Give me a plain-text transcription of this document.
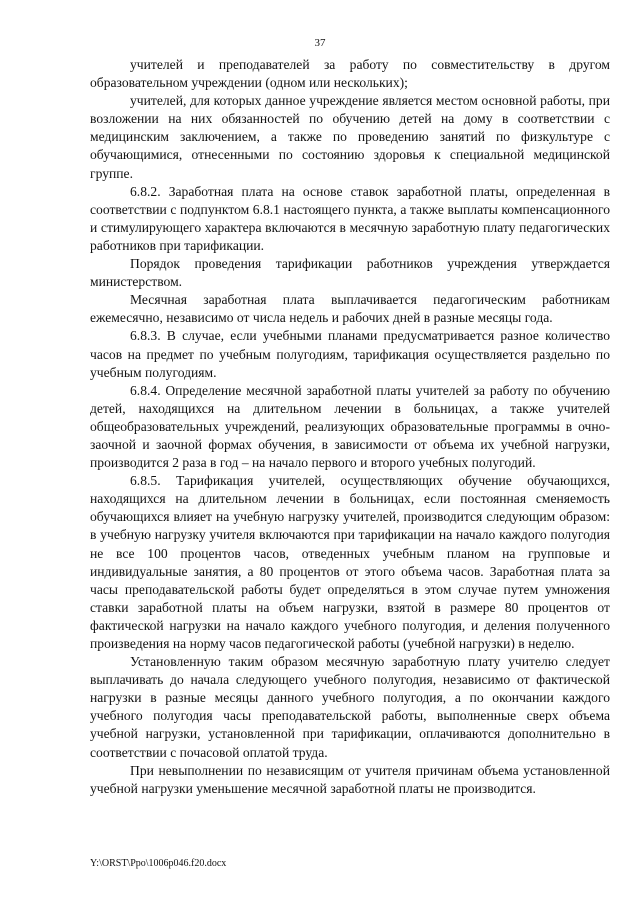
37

учителей и преподавателей за работу по совместительству в другом образовательном учреждении (одном или нескольких);

учителей, для которых данное учреждение является местом основной работы, при возложении на них обязанностей по обучению детей на дому в соответствии с медицинским заключением, а также по проведению занятий по физкультуре с обучающимися, отнесенными по состоянию здоровья к специальной медицинской группе.

6.8.2. Заработная плата на основе ставок заработной платы, определенная в соответствии с подпунктом 6.8.1 настоящего пункта, а также выплаты компенсационного и стимулирующего характера включаются в месячную заработную плату педагогических работников при тарификации.

Порядок проведения тарификации работников учреждения утверждается министерством.

Месячная заработная плата выплачивается педагогическим работникам ежемесячно, независимо от числа недель и рабочих дней в разные месяцы года.

6.8.3. В случае, если учебными планами предусматривается разное количество часов на предмет по учебным полугодиям, тарификация осуществляется раздельно по учебным полугодиям.

6.8.4. Определение месячной заработной платы учителей за работу по обучению детей, находящихся на длительном лечении в больницах, а также учителей общеобразовательных учреждений, реализующих образовательные программы в очно-заочной и заочной формах обучения, в зависимости от объема их учебной нагрузки, производится 2 раза в год – на начало первого и второго учебных полугодий.

6.8.5. Тарификация учителей, осуществляющих обучение обучающихся, находящихся на длительном лечении в больницах, если постоянная сменяемость обучающихся влияет на учебную нагрузку учителей, производится следующим образом: в учебную нагрузку учителя включаются при тарификации на начало каждого полугодия не все 100 процентов часов, отведенных учебным планом на групповые и индивидуальные занятия, а 80 процентов от этого объема часов. Заработная плата за часы преподавательской работы будет определяться в этом случае путем умножения ставки заработной платы на объем нагрузки, взятой в размере 80 процентов от фактической нагрузки на начало каждого учебного полугодия, и деления полученного произведения на норму часов педагогической работы (учебной нагрузки) в неделю.

Установленную таким образом месячную заработную плату учителю следует выплачивать до начала следующего учебного полугодия, независимо от фактической нагрузки в разные месяцы данного учебного полугодия, а по окончании каждого учебного полугодия часы преподавательской работы, выполненные сверх объема учебной нагрузки, установленной при тарификации, оплачиваются дополнительно в соответствии с почасовой оплатой труда.

При невыполнении по независящим от учителя причинам объема установленной учебной нагрузки уменьшение месячной заработной платы не производится.

Y:\ORST\Ppo\1006p046.f20.docx
